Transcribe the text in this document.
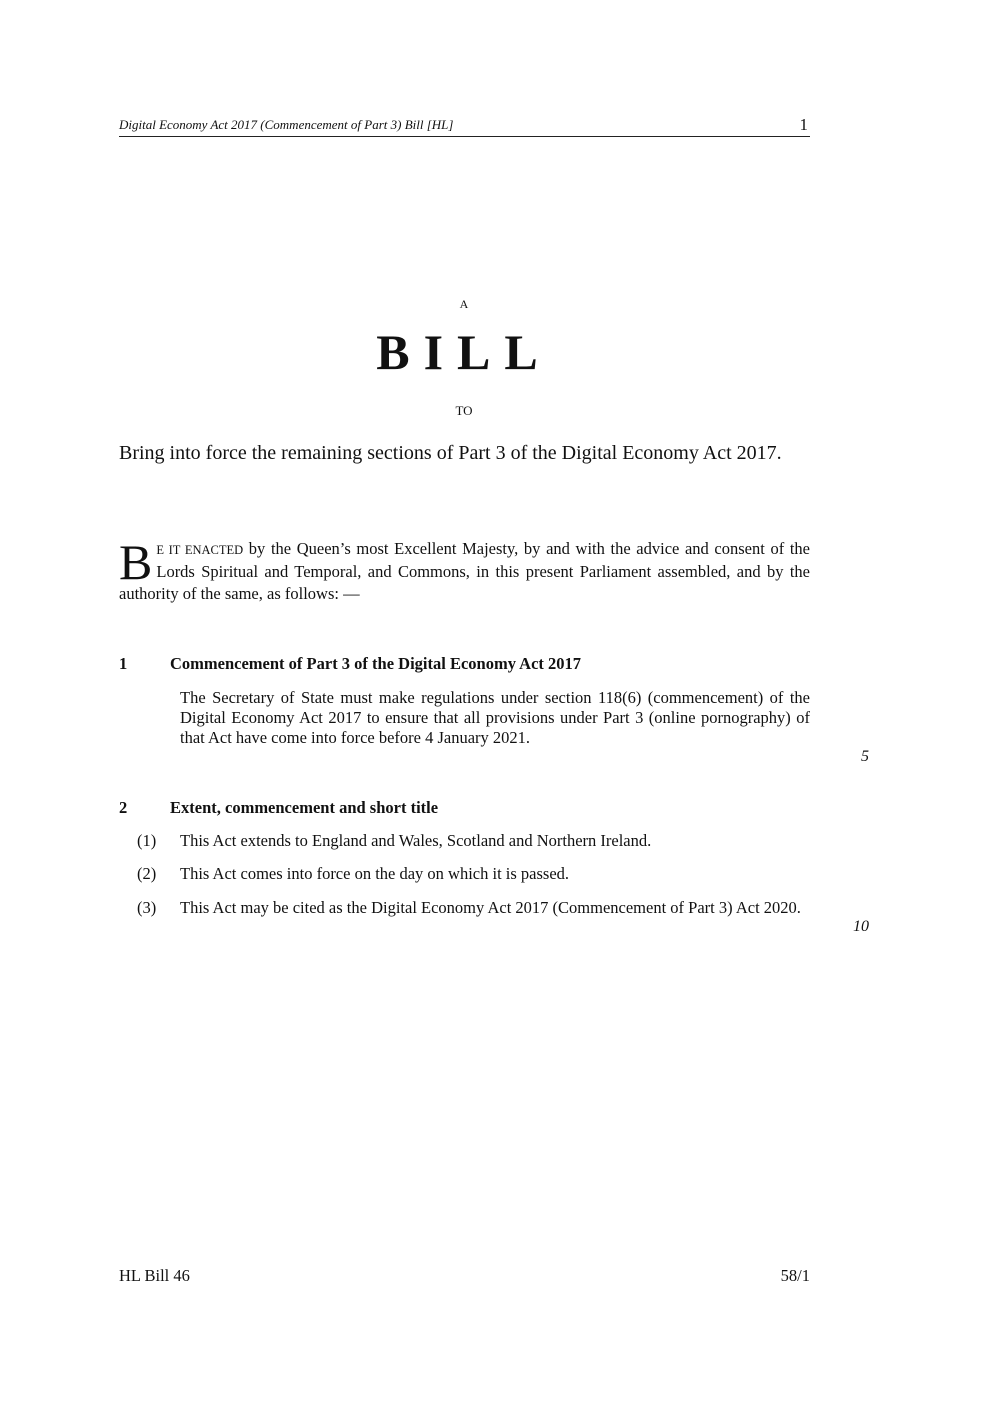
Digital Economy Act 2017 (Commencement of Part 3) Bill [HL]	1
A
BILL
TO
Bring into force the remaining sections of Part 3 of the Digital Economy Act 2017.
B E IT ENACTED by the Queen’s most Excellent Majesty, by and with the advice and consent of the Lords Spiritual and Temporal, and Commons, in this present Parliament assembled, and by the authority of the same, as follows: —
1	Commencement of Part 3 of the Digital Economy Act 2017
The Secretary of State must make regulations under section 118(6) (commencement) of the Digital Economy Act 2017 to ensure that all provisions under Part 3 (online pornography) of that Act have come into force before 4 January 2021.
5
2	Extent, commencement and short title
(1) This Act extends to England and Wales, Scotland and Northern Ireland.
(2) This Act comes into force on the day on which it is passed.
(3) This Act may be cited as the Digital Economy Act 2017 (Commencement of Part 3) Act 2020.
10
HL Bill 46	58/1
